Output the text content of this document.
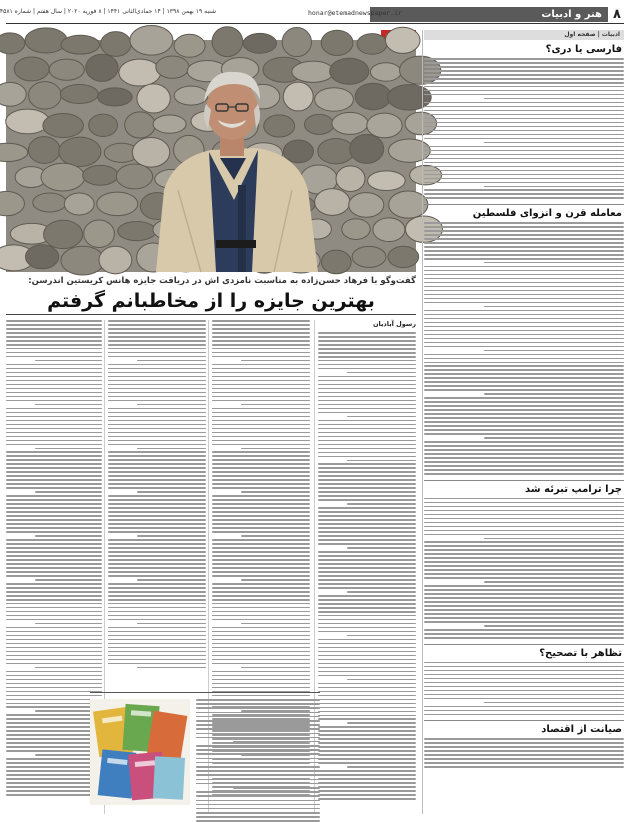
۸
هنر و ادبیات
honar@etemadnewspaper.ir
شنبه ۱۹ بهمن ۱۳۹۸ | ۱۴ جمادی‌الثانی ۱۴۴۱ | ۸ فوریه ۲۰۲۰ | سال هفتم | شماره ۴۵۸۱
گفت‌وگو با فرهاد حسن‌زاده به مناسبت نامزدی اش در دریافت جایزه هانس کریستین اندرسن:
بهترین جایزه را از مخاطبانم گرفتم
رسول آباديان
ادبیات | صفحه اول
فارسی یا دری؟
معامله قرن و انزوای فلسطین
چرا ترامپ تبرئه شد
تظاهر با تصحیح؟
صیانت از اقتصاد
